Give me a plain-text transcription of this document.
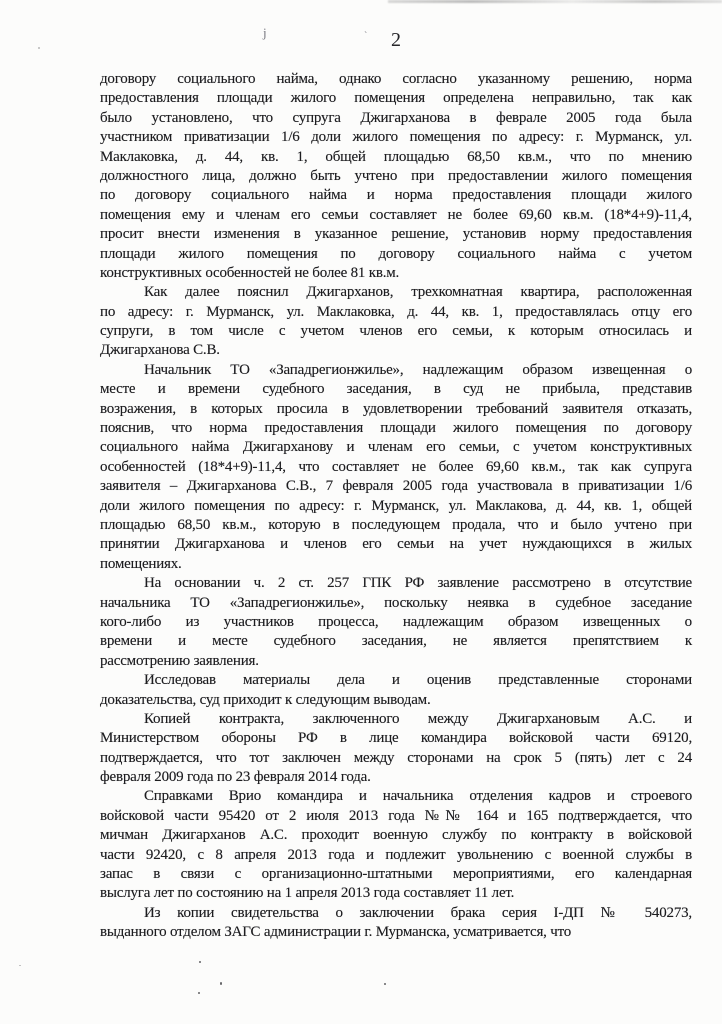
j	`	2
договору социального найма, однако согласно указанному решению, норма
предоставления площади жилого помещения определена неправильно, так как
было установлено, что супруга Джигарханова в феврале 2005 года была
участником приватизации 1/6 доли жилого помещения по адресу: г. Мурманск, ул.
Маклаковка, д. 44, кв. 1, общей площадью 68,50 кв.м., что по мнению
должностного лица, должно быть учтено при предоставлении жилого помещения
по договору социального найма и норма предоставления площади жилого
помещения ему и членам его семьи составляет не более 69,60 кв.м. (18*4+9)-11,4,
просит внести изменения в указанное решение, установив норму предоставления
площади жилого помещения по договору социального найма с учетом
конструктивных особенностей не более 81 кв.м.
Как далее пояснил Джигарханов, трехкомнатная квартира, расположенная
по адресу: г. Мурманск, ул. Маклаковка, д. 44, кв. 1, предоставлялась отцу его
супруги, в том числе с учетом членов его семьи, к которым относилась и
Джигарханова С.В.
Начальник ТО «Западрегионжилье», надлежащим образом извещенная о
месте и времени судебного заседания, в суд не прибыла, представив
возражения, в которых просила в удовлетворении требований заявителя отказать,
пояснив, что норма предоставления площади жилого помещения по договору
социального найма Джигарханову и членам его семьи, с учетом конструктивных
особенностей (18*4+9)-11,4, что составляет не более 69,60 кв.м., так как супруга
заявителя – Джигарханова С.В., 7 февраля 2005 года участвовала в приватизации 1/6
доли жилого помещения по адресу: г. Мурманск, ул. Маклакова, д. 44, кв. 1, общей
площадью 68,50 кв.м., которую в последующем продала, что и было учтено при
принятии Джигарханова и членов его семьи на учет нуждающихся в жилых
помещениях.
На основании ч. 2 ст. 257 ГПК РФ заявление рассмотрено в отсутствие
начальника ТО «Западрегионжилье», поскольку неявка в судебное заседание
кого-либо из участников процесса, надлежащим образом извещенных о
времени и месте судебного заседания, не является препятствием к
рассмотрению заявления.
Исследовав материалы дела и оценив представленные сторонами
доказательства, суд приходит к следующим выводам.
Копией контракта, заключенного между Джигархановым А.С. и
Министерством обороны РФ в лице командира войсковой части 69120,
подтверждается, что тот заключен между сторонами на срок 5 (пять) лет с 24
февраля 2009 года по 23 февраля 2014 года.
Справками Врио командира и начальника отделения кадров и строевого
войсковой части 95420 от 2 июля 2013 года №№ 164 и 165 подтверждается, что
мичман Джигарханов А.С. проходит военную службу по контракту в войсковой
части 92420, с 8 апреля 2013 года и подлежит увольнению с военной службы в
запас в связи с организационно-штатными мероприятиями, его календарная
выслуга лет по состоянию на 1 апреля 2013 года составляет 11 лет.
Из копии свидетельства о заключении брака серия I-ДП № 540273,
выданного отделом ЗАГС администрации г. Мурманска, усматривается, что
